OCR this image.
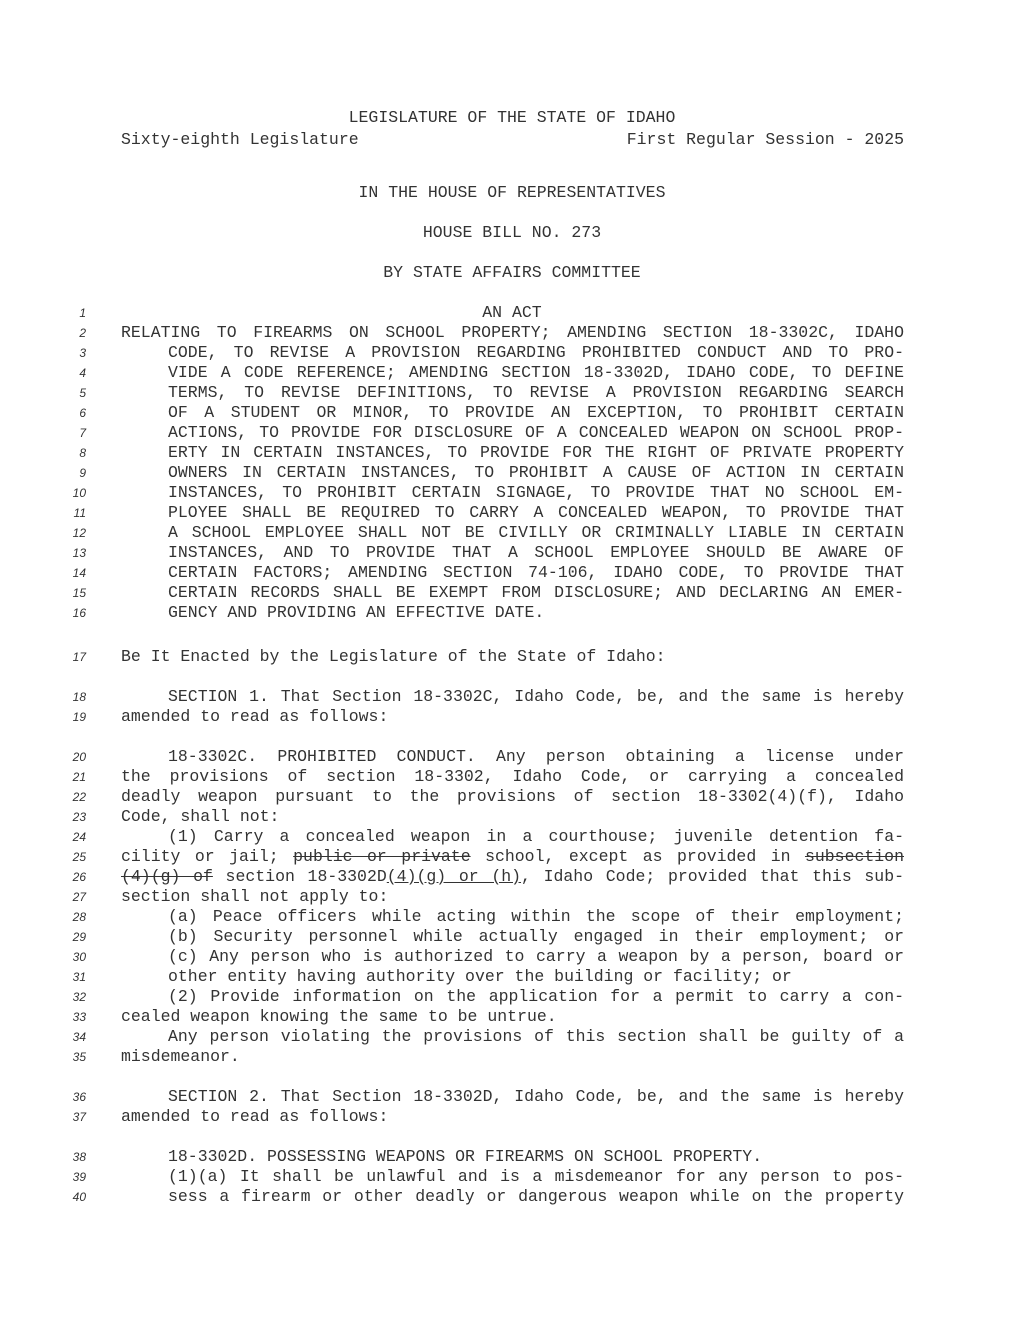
LEGISLATURE OF THE STATE OF IDAHO
Sixty-eighth Legislature	First Regular Session - 2025
IN THE HOUSE OF REPRESENTATIVES
HOUSE BILL NO. 273
BY STATE AFFAIRS COMMITTEE
1	AN ACT
2 RELATING TO FIREARMS ON SCHOOL PROPERTY; AMENDING SECTION 18-3302C, IDAHO
3	CODE, TO REVISE A PROVISION REGARDING PROHIBITED CONDUCT AND TO PRO-
4	VIDE A CODE REFERENCE; AMENDING SECTION 18-3302D, IDAHO CODE, TO DEFINE
5	TERMS, TO REVISE DEFINITIONS, TO REVISE A PROVISION REGARDING SEARCH
6	OF A STUDENT OR MINOR, TO PROVIDE AN EXCEPTION, TO PROHIBIT CERTAIN
7	ACTIONS, TO PROVIDE FOR DISCLOSURE OF A CONCEALED WEAPON ON SCHOOL PROP-
8	ERTY IN CERTAIN INSTANCES, TO PROVIDE FOR THE RIGHT OF PRIVATE PROPERTY
9	OWNERS IN CERTAIN INSTANCES, TO PROHIBIT A CAUSE OF ACTION IN CERTAIN
10	INSTANCES, TO PROHIBIT CERTAIN SIGNAGE, TO PROVIDE THAT NO SCHOOL EM-
11	PLOYEE SHALL BE REQUIRED TO CARRY A CONCEALED WEAPON, TO PROVIDE THAT
12	A SCHOOL EMPLOYEE SHALL NOT BE CIVILLY OR CRIMINALLY LIABLE IN CERTAIN
13	INSTANCES, AND TO PROVIDE THAT A SCHOOL EMPLOYEE SHOULD BE AWARE OF
14	CERTAIN FACTORS; AMENDING SECTION 74-106, IDAHO CODE, TO PROVIDE THAT
15	CERTAIN RECORDS SHALL BE EXEMPT FROM DISCLOSURE; AND DECLARING AN EMER-
16	GENCY AND PROVIDING AN EFFECTIVE DATE.
17 Be It Enacted by the Legislature of the State of Idaho:
18	SECTION 1. That Section 18-3302C, Idaho Code, be, and the same is hereby
19 amended to read as follows:
20	18-3302C. PROHIBITED CONDUCT. Any person obtaining a license under
21 the provisions of section 18-3302, Idaho Code, or carrying a concealed
22 deadly weapon pursuant to the provisions of section 18-3302(4)(f), Idaho
23 Code, shall not:
24	(1) Carry a concealed weapon in a courthouse; juvenile detention fa-
25 cility or jail; public or private school, except as provided in subsection
26 (4)(g) of section 18-3302D(4)(g) or (h), Idaho Code; provided that this sub-
27 section shall not apply to:
28	(a) Peace officers while acting within the scope of their employment;
29	(b) Security personnel while actually engaged in their employment; or
30	(c) Any person who is authorized to carry a weapon by a person, board or
31	other entity having authority over the building or facility; or
32	(2) Provide information on the application for a permit to carry a con-
33 cealed weapon knowing the same to be untrue.
34	Any person violating the provisions of this section shall be guilty of a
35 misdemeanor.
36	SECTION 2. That Section 18-3302D, Idaho Code, be, and the same is hereby
37 amended to read as follows:
38	18-3302D. POSSESSING WEAPONS OR FIREARMS ON SCHOOL PROPERTY.
39	(1)(a) It shall be unlawful and is a misdemeanor for any person to pos-
40	sess a firearm or other deadly or dangerous weapon while on the property
